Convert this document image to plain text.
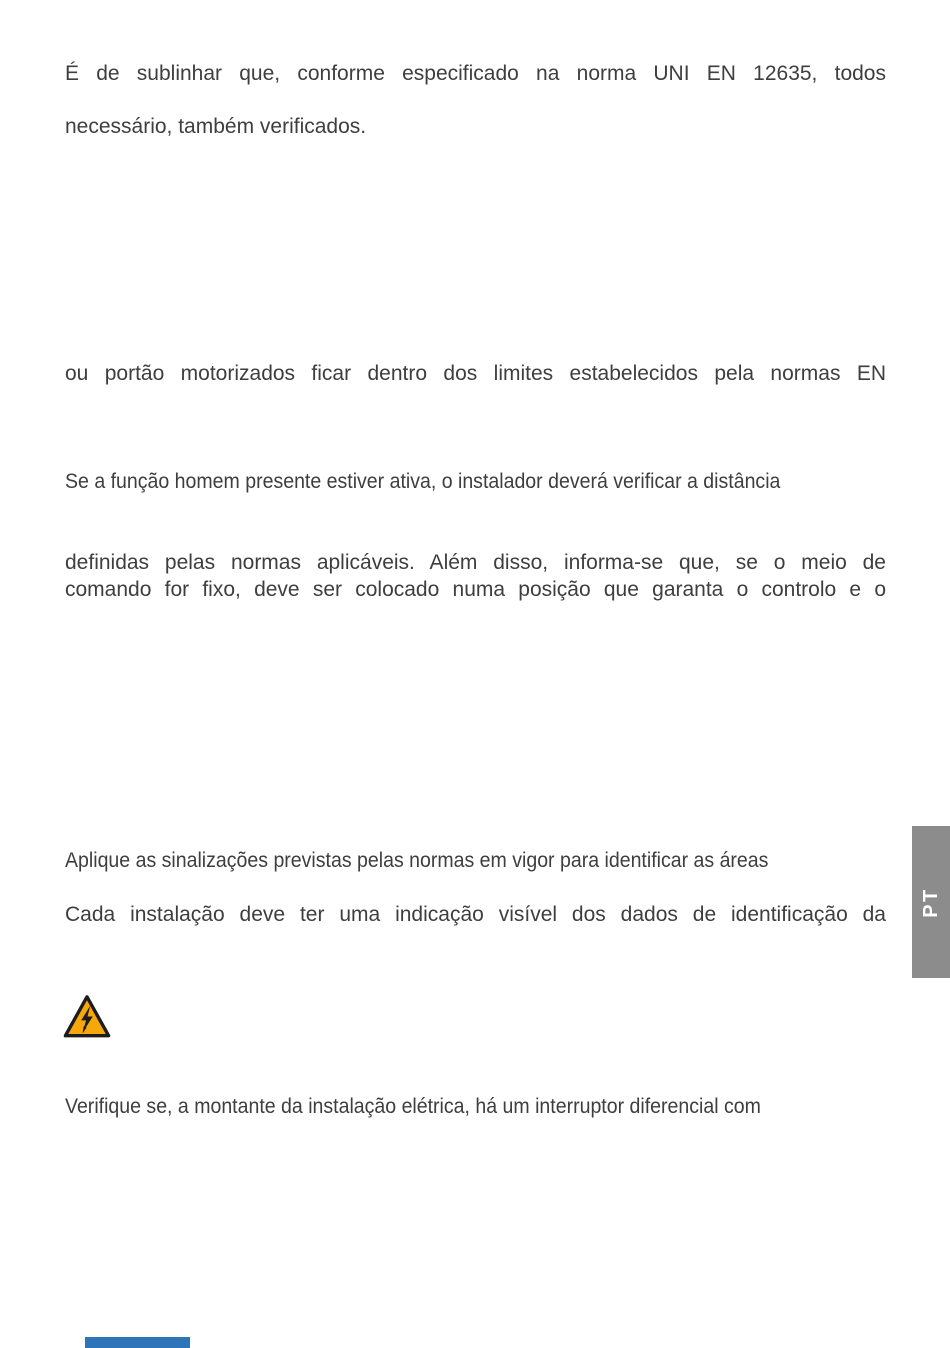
É de sublinhar que, conforme especificado na norma UNI EN 12635, todos
necessário, também verificados.
ou portão motorizados ficar dentro dos limites estabelecidos pela normas EN
Se a função homem presente estiver ativa, o instalador deverá verificar a distância
definidas pelas normas aplicáveis. Além disso, informa-se que, se o meio de
comando for fixo, deve ser colocado numa posição que garanta o controlo e o
Aplique as sinalizações previstas pelas normas em vigor para identificar as áreas
Cada instalação deve ter uma indicação visível dos dados de identificação da
Verifique se, a montante da instalação elétrica, há um interruptor diferencial com
PT
